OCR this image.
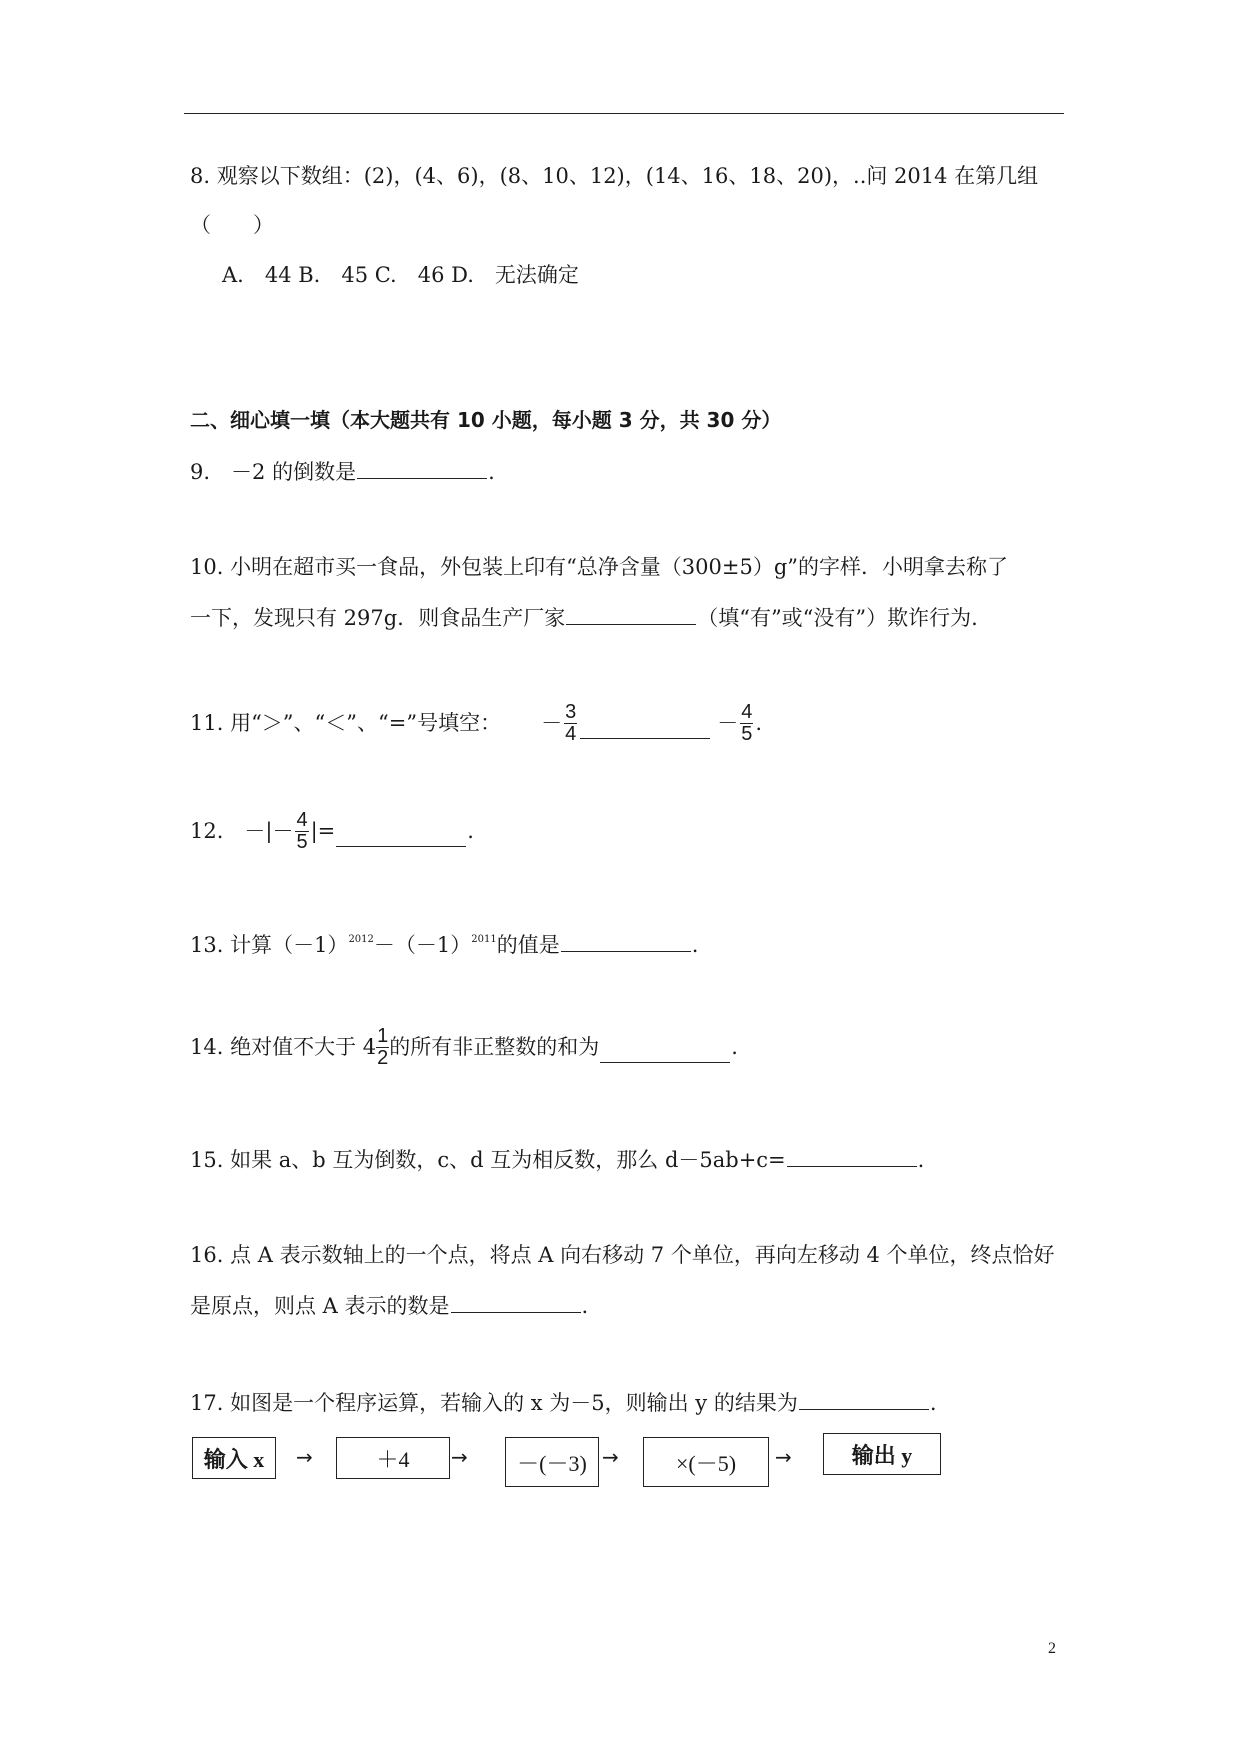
8. 观察以下数组：(2)，(4、6)，(8、10、12)，(14、16、18、20)，..问 2014 在第几组
（　　）
A.　44 B.　45 C.　46 D.　无法确定
二、细心填一填（本大题共有 10 小题，每小题 3 分，共 30 分）
9.　－2 的倒数是	.
10. 小明在超市买一食品，外包装上印有“总净含量（300±5）g”的字样．小明拿去称了
一下，发现只有 297g．则食品生产厂家	（填“有”或“没有”）欺诈行为.
11. 用“＞”、“＜”、“=”号填空： － $\frac{3}{4}$	－ $\frac{4}{5}$ .
12.　－|－ $\frac{4}{5}$ |=	.
13. 计算$(-1)^{2012}-(-1)^{2011}$的值是	.
14. 绝对值不大于 $4 \frac{1}{2}$ 的所有非正整数的和为	.
15. 如果 a、b 互为倒数，c、d 互为相反数，那么 d－5ab+c=	.
16. 点 A 表示数轴上的一个点，将点 A 向右移动 7 个单位，再向左移动 4 个单位，终点恰好
是原点，则点 A 表示的数是	.
17. 如图是一个程序运算，若输入的 x 为－5，则输出 y 的结果为	.
输入 x	→	＋4	→	－(－3) →	×(－5)	→	输出 y
2
